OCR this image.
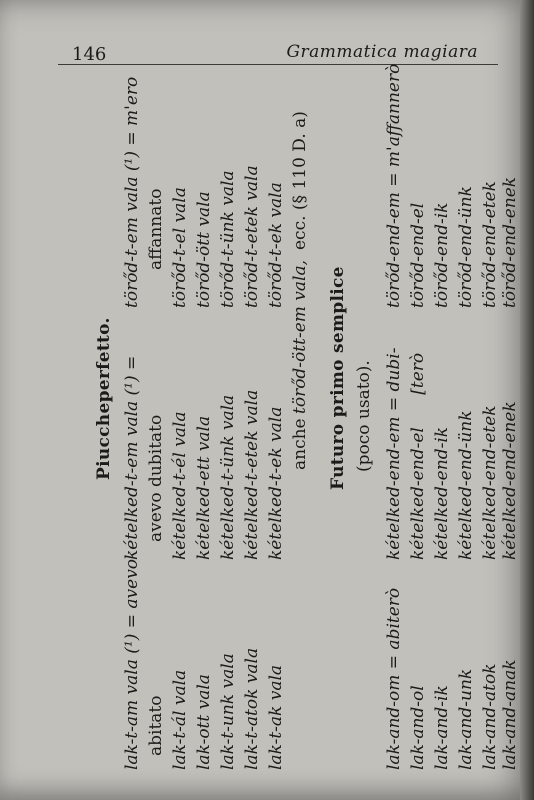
146	Grammatica magiara
Piuccheperfetto.
lak-t-am vala (¹) = avevo
kételked-t-em vala (¹) =
törőd-t-em vala (¹) = m'ero
abitato
avevo dubitato
affannato
lak-t-ál vala
kételked-t-él vala
törőd-t-el vala
lak-ott vala
kételked-ett vala
törőd-ött vala
lak-t-unk vala
kételked-t-ünk vala
törőd-t-ünk vala
lak-t-atok vala
kételked-t-etek vala
törőd-t-etek vala
lak-t-ak vala
kételked-t-ek vala
törőd-t-ek vala
anche
törőd-ött-em vala,
ecc. (§ 110 D. a)
Futuro primo semplice (poco usato).
lak-and-om = abiterò
kételked-end-em = dubi-
törőd-end-em = m'affannerò
lak-and-ol
kételked-end-el      [terò
törőd-end-el
lak-and-ik
kételked-end-ik
törőd-end-ik
lak-and-unk
kételked-end-ünk
törőd-end-ünk
lak-and-atok
kételked-end-etek
törőd-end-etek
lak-and-anak
kételked-end-enek
törőd-end-enek
